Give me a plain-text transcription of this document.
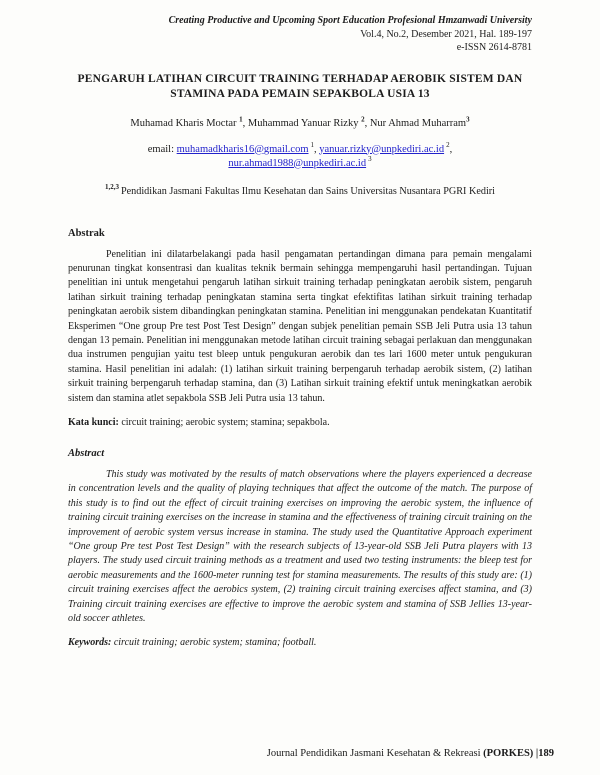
Creating Productive and Upcoming Sport Education Profesional Hmzanwadi University
Vol.4, No.2, Desember 2021, Hal. 189-197
e-ISSN 2614-8781
PENGARUH LATIHAN CIRCUIT TRAINING TERHADAP AEROBIK SISTEM DAN STAMINA PADA PEMAIN SEPAKBOLA USIA 13
Muhamad Kharis Moctar $^1$, Muhammad Yanuar Rizky $^2$, Nur Ahmad Muharram$^3$
email: muhamadkharis16@gmail.com $^1$, yanuar.rizky@unpkediri.ac.id $^2$,
nur.ahmad1988@unpkediri.ac.id $^3$
$^{1,2,3}$ Pendidikan Jasmani Fakultas Ilmu Kesehatan dan Sains Universitas Nusantara PGRI Kediri
Abstrak

Penelitian ini dilatarbelakangi pada hasil pengamatan pertandingan dimana para pemain mengalami penurunan tingkat konsentrasi dan kualitas teknik bermain sehingga mempengaruhi hasil pertandingan. Tujuan penelitian ini untuk mengetahui pengaruh latihan sirkuit training terhadap peningkatan aerobik sistem, pengaruh latihan sirkuit training terhadap peningkatan stamina serta tingkat efektifitas latihan sirkuit training terhadap peningkatan aerobik sistem dibandingkan peningkatan stamina. Penelitian ini menggunakan pendekatan Kuantitatif Eksperimen “One group Pre test Post Test Design” dengan subjek penelitian pemain SSB Jeli Putra usia 13 tahun dengan 13 pemain. Penelitian ini menggunakan metode latihan circuit training sebagai perlakuan dan menggunakan dua instrumen pengujian yaitu test bleep untuk pengukuran aerobik dan tes lari 1600 meter untuk pengukuran stamina. Hasil penelitian ini adalah: (1) latihan sirkuit training berpengaruh terhadap aerobik sistem, (2) latihan sirkuit training berpengaruh terhadap stamina, dan (3) Latihan sirkuit training efektif untuk meningkatkan aerobik sistem dan stamina atlet sepakbola SSB Jeli Putra usia 13 tahun.

Kata kunci: circuit training; aerobic system; stamina; sepakbola.
Abstract

This study was motivated by the results of match observations where the players experienced a decrease in concentration levels and the quality of playing techniques that affect the outcome of the match. The purpose of this study is to find out the effect of circuit training exercises on improving the aerobic system, the influence of training circuit training exercises on the increase in stamina and the effectiveness of training circuit training on the improvement of aerobic system versus increase in stamina. The study used the Quantitative Approach experiment “One group Pre test Post Test Design” with the research subjects of 13-year-old SSB Jeli Putra players with 13 players. The study used circuit training methods as a treatment and used two testing instruments: the bleep test for aerobic measurements and the 1600-meter running test for stamina measurements. The results of this study are: (1) circuit training exercises affect the aerobics system, (2) training circuit training exercises affect stamina, and (3) Training circuit training exercises are effective to improve the aerobic system and stamina of SSB Jellies 13-year-old soccer athletes.

Keywords: circuit training; aerobic system; stamina; football.
Journal Pendidikan Jasmani Kesehatan & Rekreasi (PORKES) |189
